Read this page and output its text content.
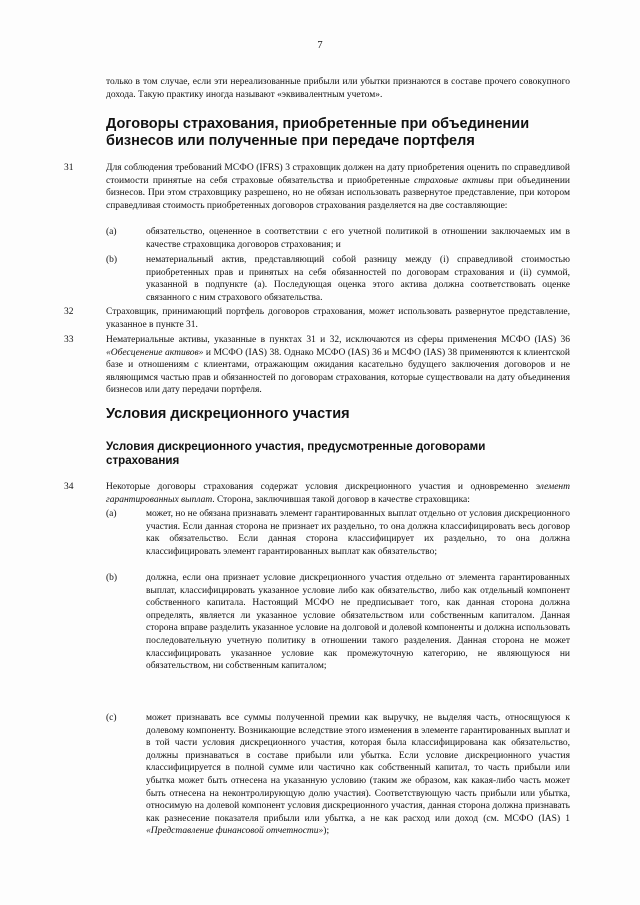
7
только в том случае, если эти нереализованные прибыли или убытки признаются в составе прочего совокупного дохода. Такую практику иногда называют «эквивалентным учетом».
Договоры страхования, приобретенные при объединении бизнесов или полученные при передаче портфеля
31	Для соблюдения требований МСФО (IFRS) 3 страховщик должен на дату приобретения оценить по справедливой стоимости принятые на себя страховые обязательства и приобретенные страховые активы при объединении бизнесов. При этом страховщику разрешено, но не обязан использовать развернутое представление, при котором справедливая стоимость приобретенных договоров страхования разделяется на две составляющие:
(a)	обязательство, оцененное в соответствии с его учетной политикой в отношении заключаемых им в качестве страховщика договоров страхования; и
(b)	нематериальный актив, представляющий собой разницу между (i) справедливой стоимостью приобретенных прав и принятых на себя обязанностей по договорам страхования и (ii) суммой, указанной в подпункте (a). Последующая оценка этого актива должна соответствовать оценке связанного с ним страхового обязательства.
32	Страховщик, принимающий портфель договоров страхования, может использовать развернутое представление, указанное в пункте 31.
33	Нематериальные активы, указанные в пунктах 31 и 32, исключаются из сферы применения МСФО (IAS) 36 «Обесценение активов» и МСФО (IAS) 38. Однако МСФО (IAS) 36 и МСФО (IAS) 38 применяются к клиентской базе и отношениям с клиентами, отражающим ожидания касательно будущего заключения договоров и не являющимся частью прав и обязанностей по договорам страхования, которые существовали на дату объединения бизнесов или дату передачи портфеля.
Условия дискреционного участия
Условия дискреционного участия, предусмотренные договорами страхования
34	Некоторые договоры страхования содержат условия дискреционного участия и одновременно элемент гарантированных выплат. Сторона, заключившая такой договор в качестве страховщика:
(a)	может, но не обязана признавать элемент гарантированных выплат отдельно от условия дискреционного участия. Если данная сторона не признает их раздельно, то она должна классифицировать весь договор как обязательство. Если данная сторона классифицирует их раздельно, то она должна классифицировать элемент гарантированных выплат как обязательство;
(b)	должна, если она признает условие дискреционного участия отдельно от элемента гарантированных выплат, классифицировать указанное условие либо как обязательство, либо как отдельный компонент собственного капитала. Настоящий МСФО не предписывает того, как данная сторона должна определять, является ли указанное условие обязательством или собственным капиталом. Данная сторона вправе разделить указанное условие на долговой и долевой компоненты и должна использовать последовательную учетную политику в отношении такого разделения. Данная сторона не может классифицировать указанное условие как промежуточную категорию, не являющуюся ни обязательством, ни собственным капиталом;
(c)	может признавать все суммы полученной премии как выручку, не выделяя часть, относящуюся к долевому компоненту. Возникающие вследствие этого изменения в элементе гарантированных выплат и в той части условия дискреционного участия, которая была классифицирована как обязательство, должны признаваться в составе прибыли или убытка. Если условие дискреционного участия классифицируется в полной сумме или частично как собственный капитал, то часть прибыли или убытка может быть отнесена на указанную условию (таким же образом, как какая-либо часть может быть отнесена на неконтролирующую долю участия). Соответствующую часть прибыли или убытка, относимую на долевой компонент условия дискреционного участия, данная сторона должна признавать как разнесение показателя прибыли или убытка, а не как расход или доход (см. МСФО (IAS) 1 «Представление финансовой отчетности»);
